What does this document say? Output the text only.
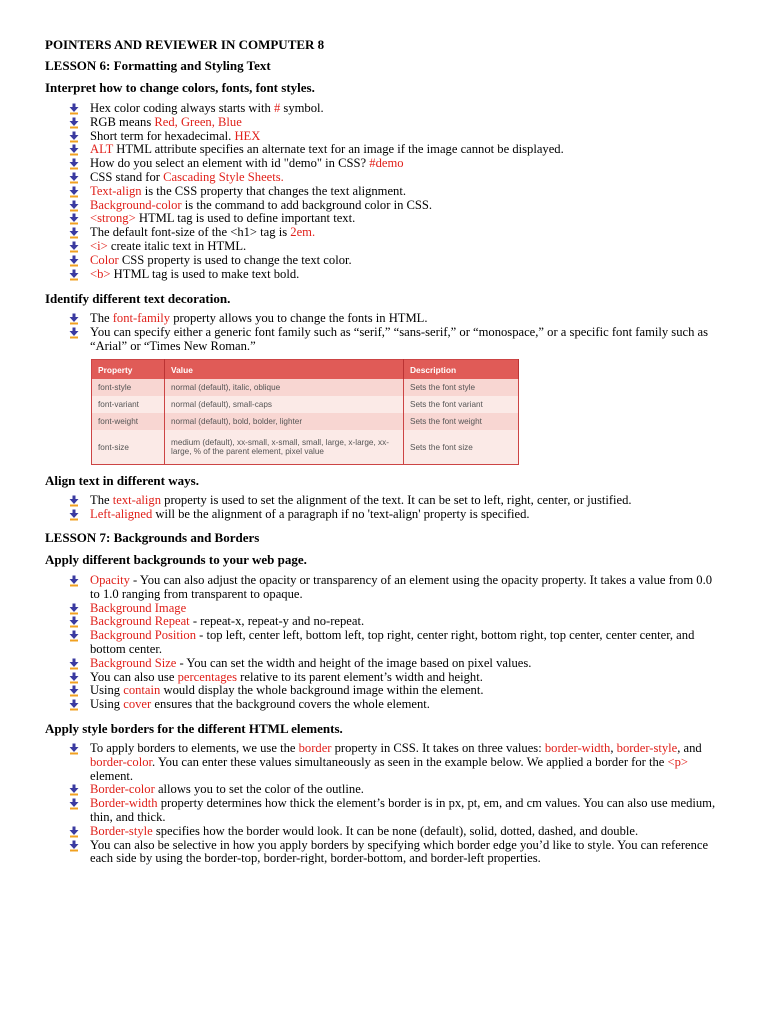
POINTERS AND REVIEWER IN COMPUTER 8
LESSON 6: Formatting and Styling Text
Interpret how to change colors, fonts, font styles.
Hex color coding always starts with # symbol.
RGB means Red, Green, Blue
Short term for hexadecimal. HEX
ALT HTML attribute specifies an alternate text for an image if the image cannot be displayed.
How do you select an element with id "demo" in CSS? #demo
CSS stand for Cascading Style Sheets.
Text-align is the CSS property that changes the text alignment.
Background-color is the command to add background color in CSS.
<strong> HTML tag is used to define important text.
The default font-size of the <h1> tag is 2em.
<i> create italic text in HTML.
Color CSS property is used to change the text color.
<b> HTML tag is used to make text bold.
Identify different text decoration.
The font-family property allows you to change the fonts in HTML.
You can specify either a generic font family such as “serif,” “sans-serif,” or “monospace,” or a specific font family such as “Arial” or “Times New Roman.”
Property	Value	Description
font-style	normal (default), italic, oblique	Sets the font style
font-variant	normal (default), small-caps	Sets the font variant
font-weight	normal (default), bold, bolder, lighter	Sets the font weight
font-size	medium (default), xx-small, x-small, small, large, x-large, xx-large, % of the parent element, pixel value	Sets the font size
Align text in different ways.
The text-align property is used to set the alignment of the text. It can be set to left, right, center, or justified.
Left-aligned will be the alignment of a paragraph if no 'text-align' property is specified.
LESSON 7: Backgrounds and Borders
Apply different backgrounds to your web page.
Opacity - You can also adjust the opacity or transparency of an element using the opacity property. It takes a value from 0.0 to 1.0 ranging from transparent to opaque.
Background Image
Background Repeat - repeat-x, repeat-y and no-repeat.
Background Position - top left, center left, bottom left, top right, center right, bottom right, top center, center center, and bottom center.
Background Size - You can set the width and height of the image based on pixel values.
You can also use percentages relative to its parent element’s width and height.
Using contain would display the whole background image within the element.
Using cover ensures that the background covers the whole element.
Apply style borders for the different HTML elements.
To apply borders to elements, we use the border property in CSS. It takes on three values: border-width, border-style, and border-color. You can enter these values simultaneously as seen in the example below. We applied a border for the <p> element.
Border-color allows you to set the color of the outline.
Border-width property determines how thick the element’s border is in px, pt, em, and cm values. You can also use medium, thin, and thick.
Border-style specifies how the border would look. It can be none (default), solid, dotted, dashed, and double.
You can also be selective in how you apply borders by specifying which border edge you’d like to style. You can reference each side by using the border-top, border-right, border-bottom, and border-left properties.
